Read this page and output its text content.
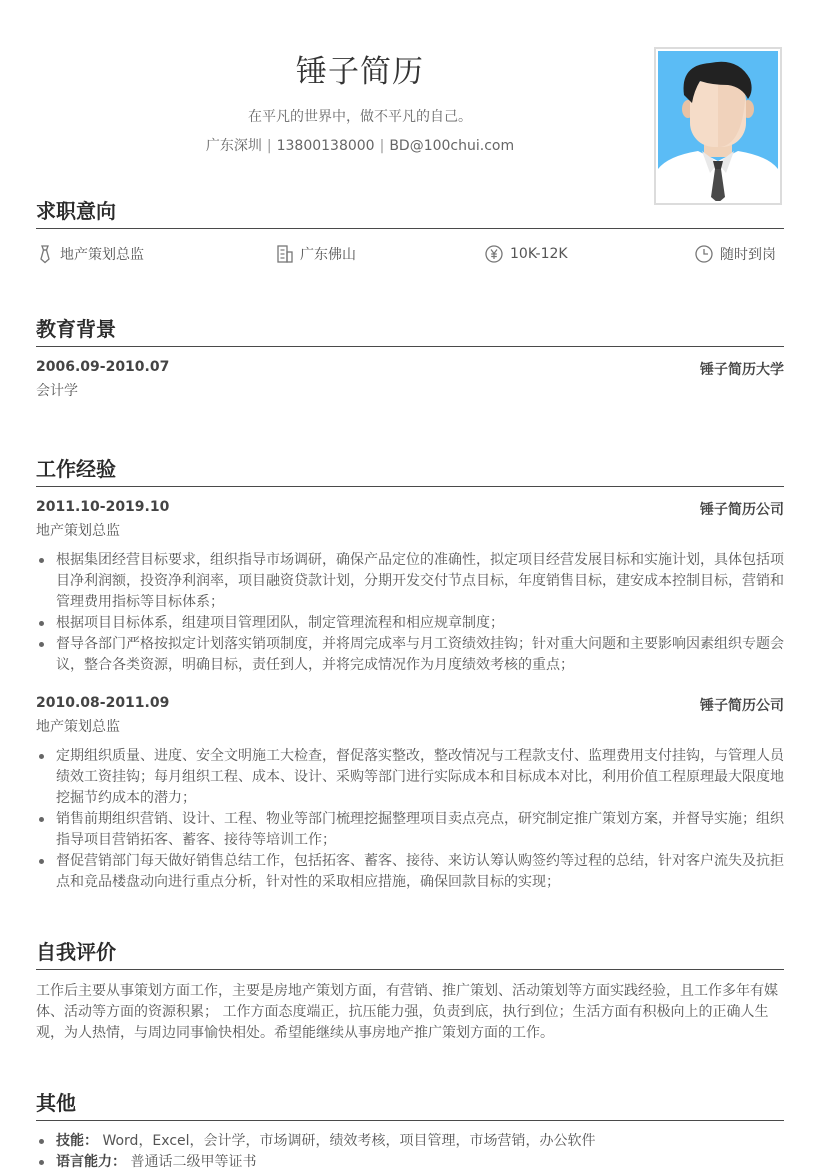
锤子简历
在平凡的世界中，做不平凡的自己。
广东深圳 | 13800138000 | BD@100chui.com
求职意向
地产策划总监	广东佛山	10K-12K	随时到岗
教育背景
2006.09-2010.07	锤子简历大学
会计学
工作经验
2011.10-2019.10	锤子简历公司
地产策划总监
根据集团经营目标要求，组织指导市场调研，确保产品定位的准确性，拟定项目经营发展目标和实施计划，具体包括项目净利润额，投资净利润率，项目融资贷款计划，分期开发交付节点目标，年度销售目标，建安成本控制目标，营销和管理费用指标等目标体系；
根据项目目标体系，组建项目管理团队，制定管理流程和相应规章制度；
督导各部门严格按拟定计划落实销项制度，并将周完成率与月工资绩效挂钩；针对重大问题和主要影响因素组织专题会议，整合各类资源，明确目标，责任到人，并将完成情况作为月度绩效考核的重点；
2010.08-2011.09	锤子简历公司
地产策划总监
定期组织质量、进度、安全文明施工大检查，督促落实整改，整改情况与工程款支付、监理费用支付挂钩，与管理人员绩效工资挂钩；每月组织工程、成本、设计、采购等部门进行实际成本和目标成本对比，利用价值工程原理最大限度地挖掘节约成本的潜力；
销售前期组织营销、设计、工程、物业等部门梳理挖掘整理项目卖点亮点，研究制定推广策划方案，并督导实施；组织指导项目营销拓客、蓄客、接待等培训工作；
督促营销部门每天做好销售总结工作，包括拓客、蓄客、接待、来访认筹认购签约等过程的总结，针对客户流失及抗拒点和竞品楼盘动向进行重点分析，针对性的采取相应措施，确保回款目标的实现；
自我评价
工作后主要从事策划方面工作，主要是房地产策划方面，有营销、推广策划、活动策划等方面实践经验，且工作多年有媒体、活动等方面的资源积累； 工作方面态度端正，抗压能力强，负责到底，执行到位；生活方面有积极向上的正确人生观，为人热情，与周边同事愉快相处。希望能继续从事房地产推广策划方面的工作。
其他
技能： Word，Excel，会计学，市场调研，绩效考核，项目管理，市场营销，办公软件
语言能力： 普通话二级甲等证书
